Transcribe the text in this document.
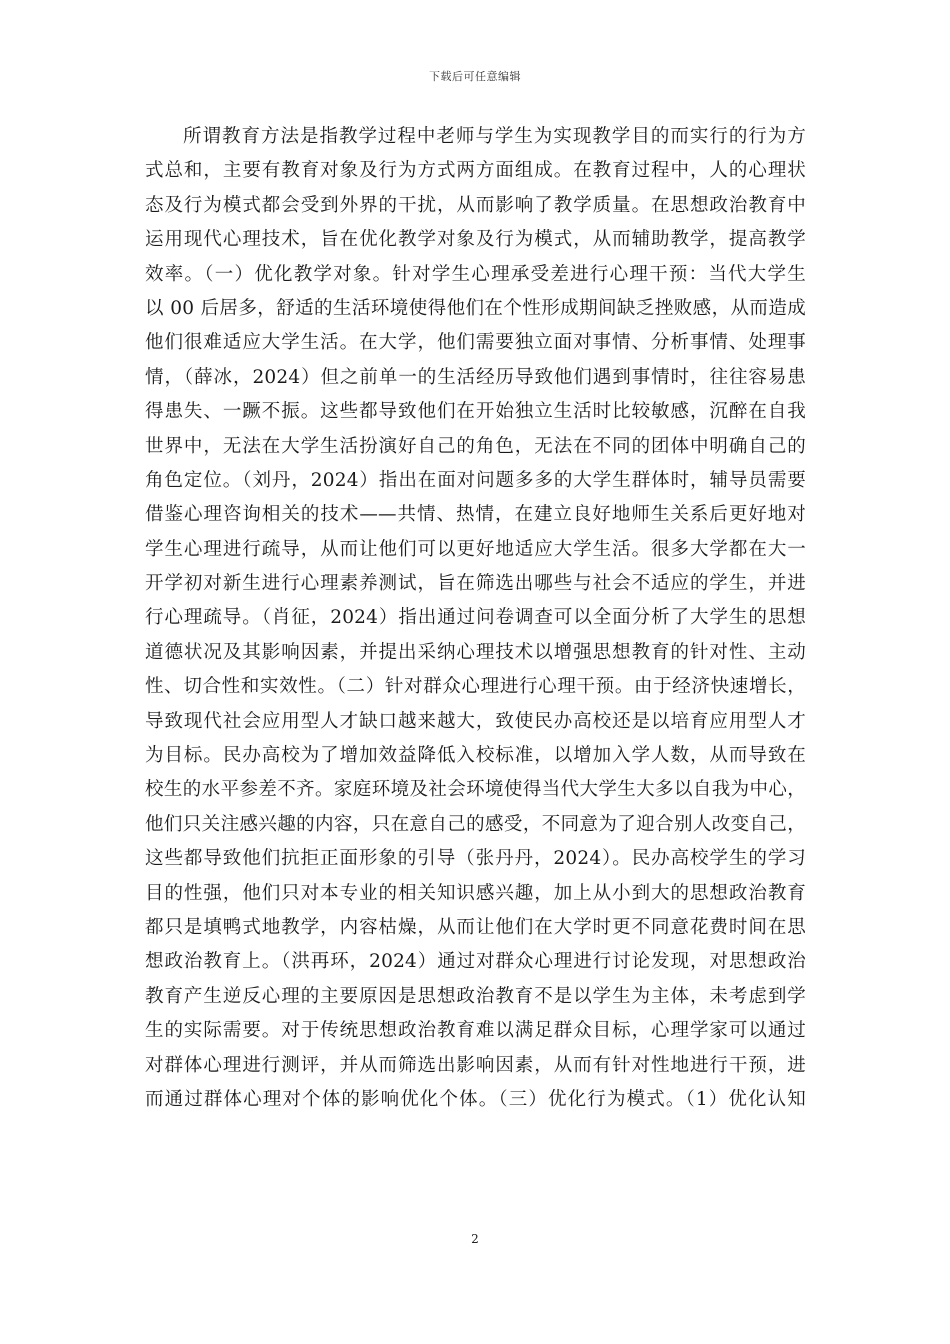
下载后可任意编辑
所谓教育方法是指教学过程中老师与学生为实现教学目的而实行的行为方
式总和，主要有教育对象及行为方式两方面组成。在教育过程中，人的心理状
态及行为模式都会受到外界的干扰，从而影响了教学质量。在思想政治教育中
运用现代心理技术，旨在优化教学对象及行为模式，从而辅助教学，提高教学
效率。（一）优化教学对象。针对学生心理承受差进行心理干预：当代大学生
以 00 后居多，舒适的生活环境使得他们在个性形成期间缺乏挫败感，从而造成
他们很难适应大学生活。在大学，他们需要独立面对事情、分析事情、处理事
情，（薛冰，2024）但之前单一的生活经历导致他们遇到事情时，往往容易患
得患失、一蹶不振。这些都导致他们在开始独立生活时比较敏感，沉醉在自我
世界中，无法在大学生活扮演好自己的角色，无法在不同的团体中明确自己的
角色定位。（刘丹，2024）指出在面对问题多多的大学生群体时，辅导员需要
借鉴心理咨询相关的技术——共情、热情，在建立良好地师生关系后更好地对
学生心理进行疏导，从而让他们可以更好地适应大学生活。很多大学都在大一
开学初对新生进行心理素养测试，旨在筛选出哪些与社会不适应的学生，并进
行心理疏导。（肖征，2024）指出通过问卷调查可以全面分析了大学生的思想
道德状况及其影响因素，并提出采纳心理技术以增强思想教育的针对性、主动
性、切合性和实效性。（二）针对群众心理进行心理干预。由于经济快速增长，
导致现代社会应用型人才缺口越来越大，致使民办高校还是以培育应用型人才
为目标。民办高校为了增加效益降低入校标准，以增加入学人数，从而导致在
校生的水平参差不齐。家庭环境及社会环境使得当代大学生大多以自我为中心，
他们只关注感兴趣的内容，只在意自己的感受，不同意为了迎合别人改变自己，
这些都导致他们抗拒正面形象的引导（张丹丹，2024）。民办高校学生的学习
目的性强，他们只对本专业的相关知识感兴趣，加上从小到大的思想政治教育
都只是填鸭式地教学，内容枯燥，从而让他们在大学时更不同意花费时间在思
想政治教育上。（洪再环，2024）通过对群众心理进行讨论发现，对思想政治
教育产生逆反心理的主要原因是思想政治教育不是以学生为主体，未考虑到学
生的实际需要。对于传统思想政治教育难以满足群众目标，心理学家可以通过
对群体心理进行测评，并从而筛选出影响因素，从而有针对性地进行干预，进
而通过群体心理对个体的影响优化个体。（三）优化行为模式。（1）优化认知
2
